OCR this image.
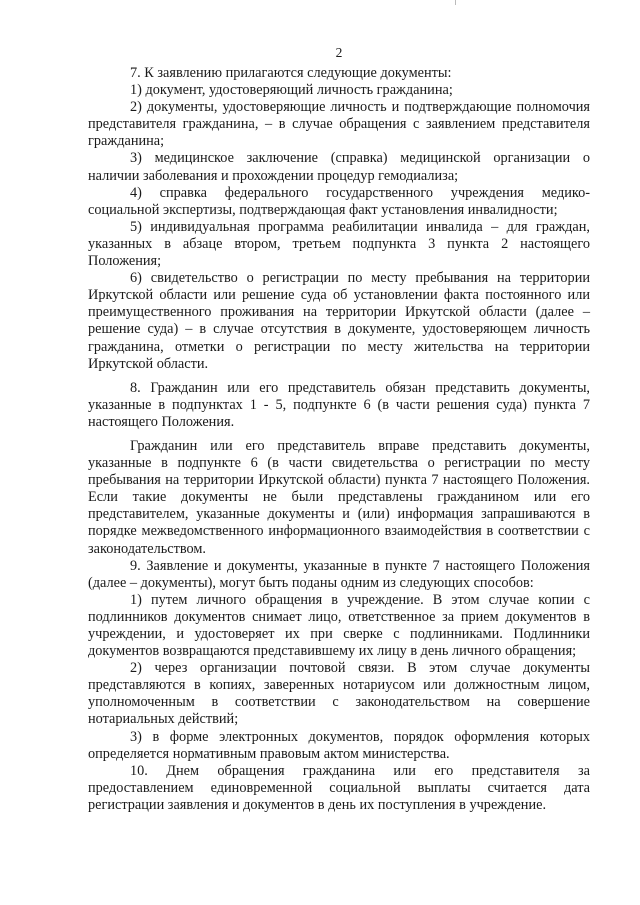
2

7. К заявлению прилагаются следующие документы:

1) документ, удостоверяющий личность гражданина;

2) документы, удостоверяющие личность и подтверждающие полномочия представителя гражданина, – в случае обращения с заявлением представителя гражданина;

3) медицинское заключение (справка) медицинской организации о наличии заболевания и прохождении процедур гемодиализа;

4) справка федерального государственного учреждения медико-социальной экспертизы, подтверждающая факт установления инвалидности;

5) индивидуальная программа реабилитации инвалида – для граждан, указанных в абзаце втором, третьем подпункта 3 пункта 2 настоящего Положения;

6) свидетельство о регистрации по месту пребывания на территории Иркутской области или решение суда об установлении факта постоянного или преимущественного проживания на территории Иркутской области (далее – решение суда) – в случае отсутствия в документе, удостоверяющем личность гражданина, отметки о регистрации по месту жительства на территории Иркутской области.

8. Гражданин или его представитель обязан представить документы, указанные в подпунктах 1 - 5, подпункте 6 (в части решения суда) пункта 7 настоящего Положения.

Гражданин или его представитель вправе представить документы, указанные в подпункте 6 (в части свидетельства о регистрации по месту пребывания на территории Иркутской области) пункта 7 настоящего Положения. Если такие документы не были представлены гражданином или его представителем, указанные документы и (или) информация запрашиваются в порядке межведомственного информационного взаимодействия в соответствии с законодательством.

9. Заявление и документы, указанные в пункте 7 настоящего Положения (далее – документы), могут быть поданы одним из следующих способов:

1) путем личного обращения в учреждение. В этом случае копии с подлинников документов снимает лицо, ответственное за прием документов в учреждении, и удостоверяет их при сверке с подлинниками. Подлинники документов возвращаются представившему их лицу в день личного обращения;

2) через организации почтовой связи. В этом случае документы представляются в копиях, заверенных нотариусом или должностным лицом, уполномоченным в соответствии с законодательством на совершение нотариальных действий;

3) в форме электронных документов, порядок оформления которых определяется нормативным правовым актом министерства.

10. Днем обращения гражданина или его представителя за предоставлением единовременной социальной выплаты считается дата регистрации заявления и документов в день их поступления в учреждение.
